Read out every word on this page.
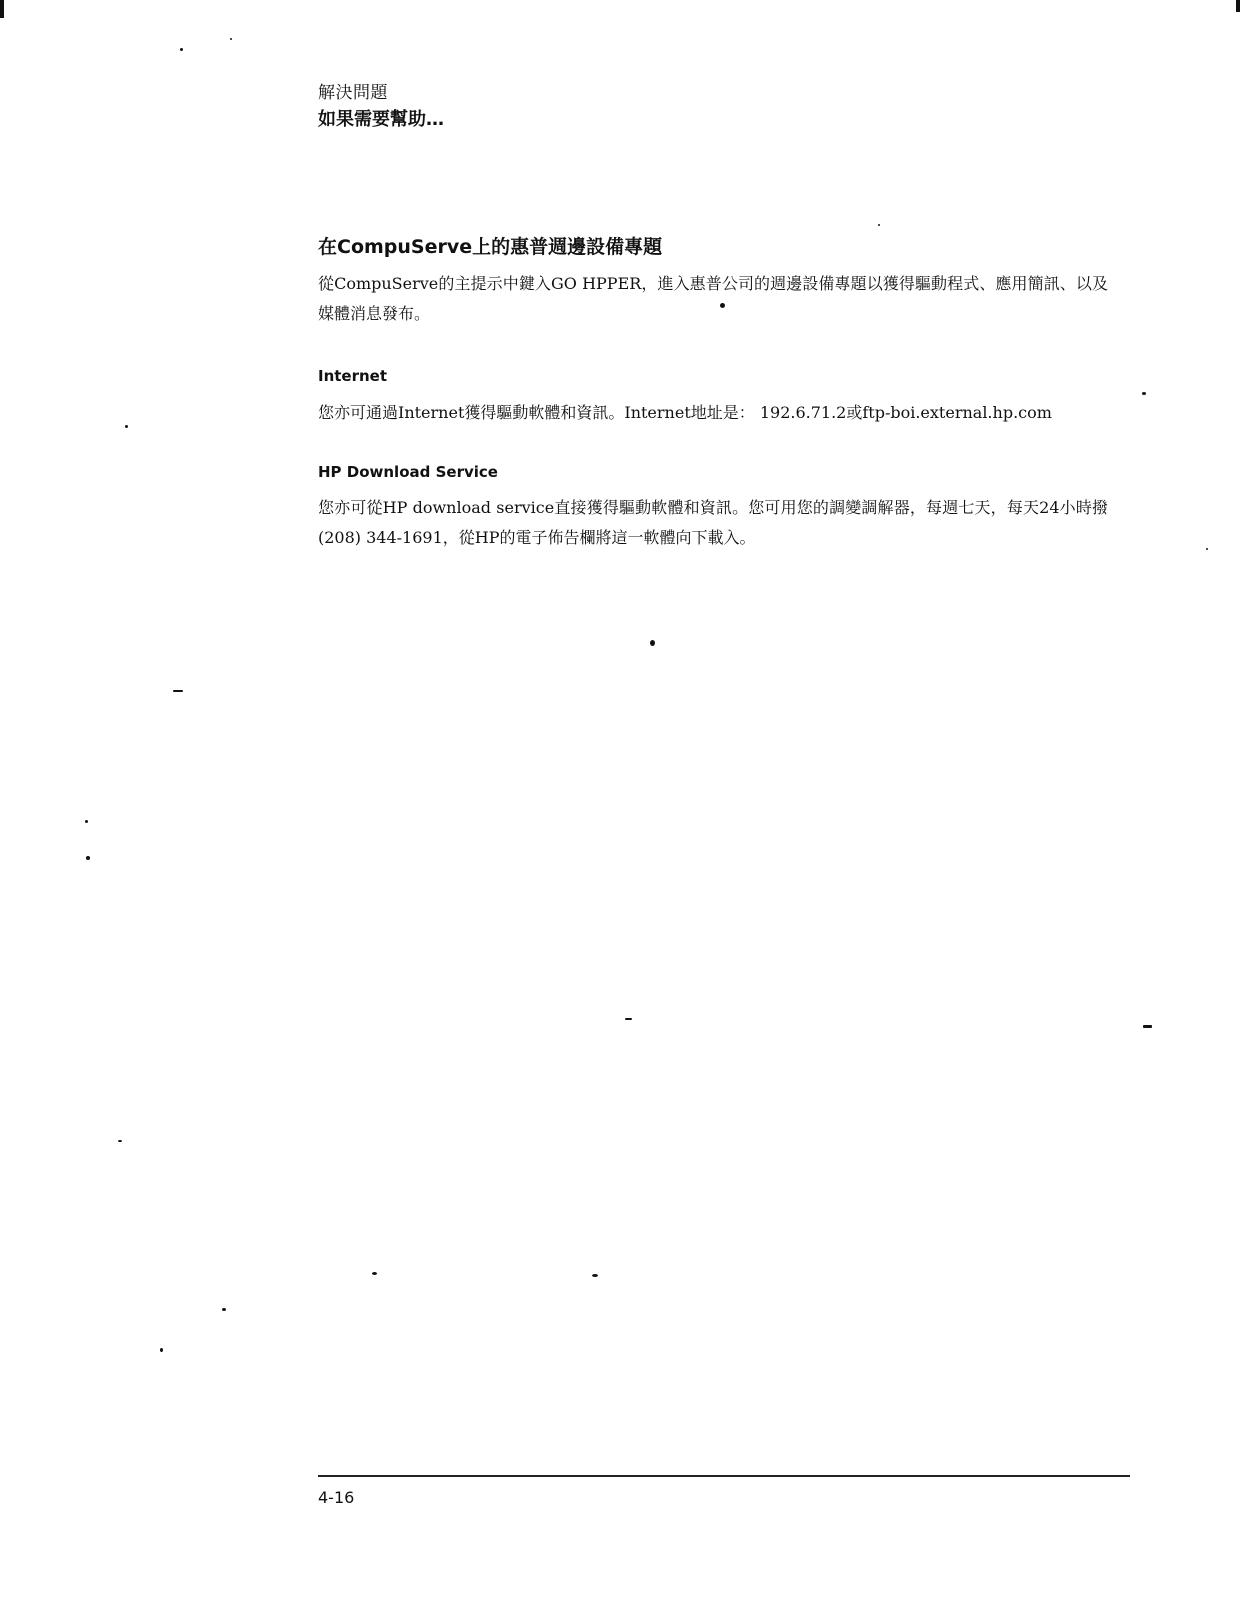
解決問題
如果需要幫助…
在CompuServe上的惠普週邊設備專題

從CompuServe的主提示中鍵入GO HPPER，進入惠普公司的週邊設備專題以獲得驅動程式、應用簡訊、以及媒體消息發布。

Internet

您亦可通過Internet獲得驅動軟體和資訊。Internet地址是： 192.6.71.2或ftp-boi.external.hp.com

HP Download Service

您亦可從HP download service直接獲得驅動軟體和資訊。您可用您的調變調解器，每週七天，每天24小時撥(208) 344-1691，從HP的電子佈告欄將這一軟體向下載入。

4-16
